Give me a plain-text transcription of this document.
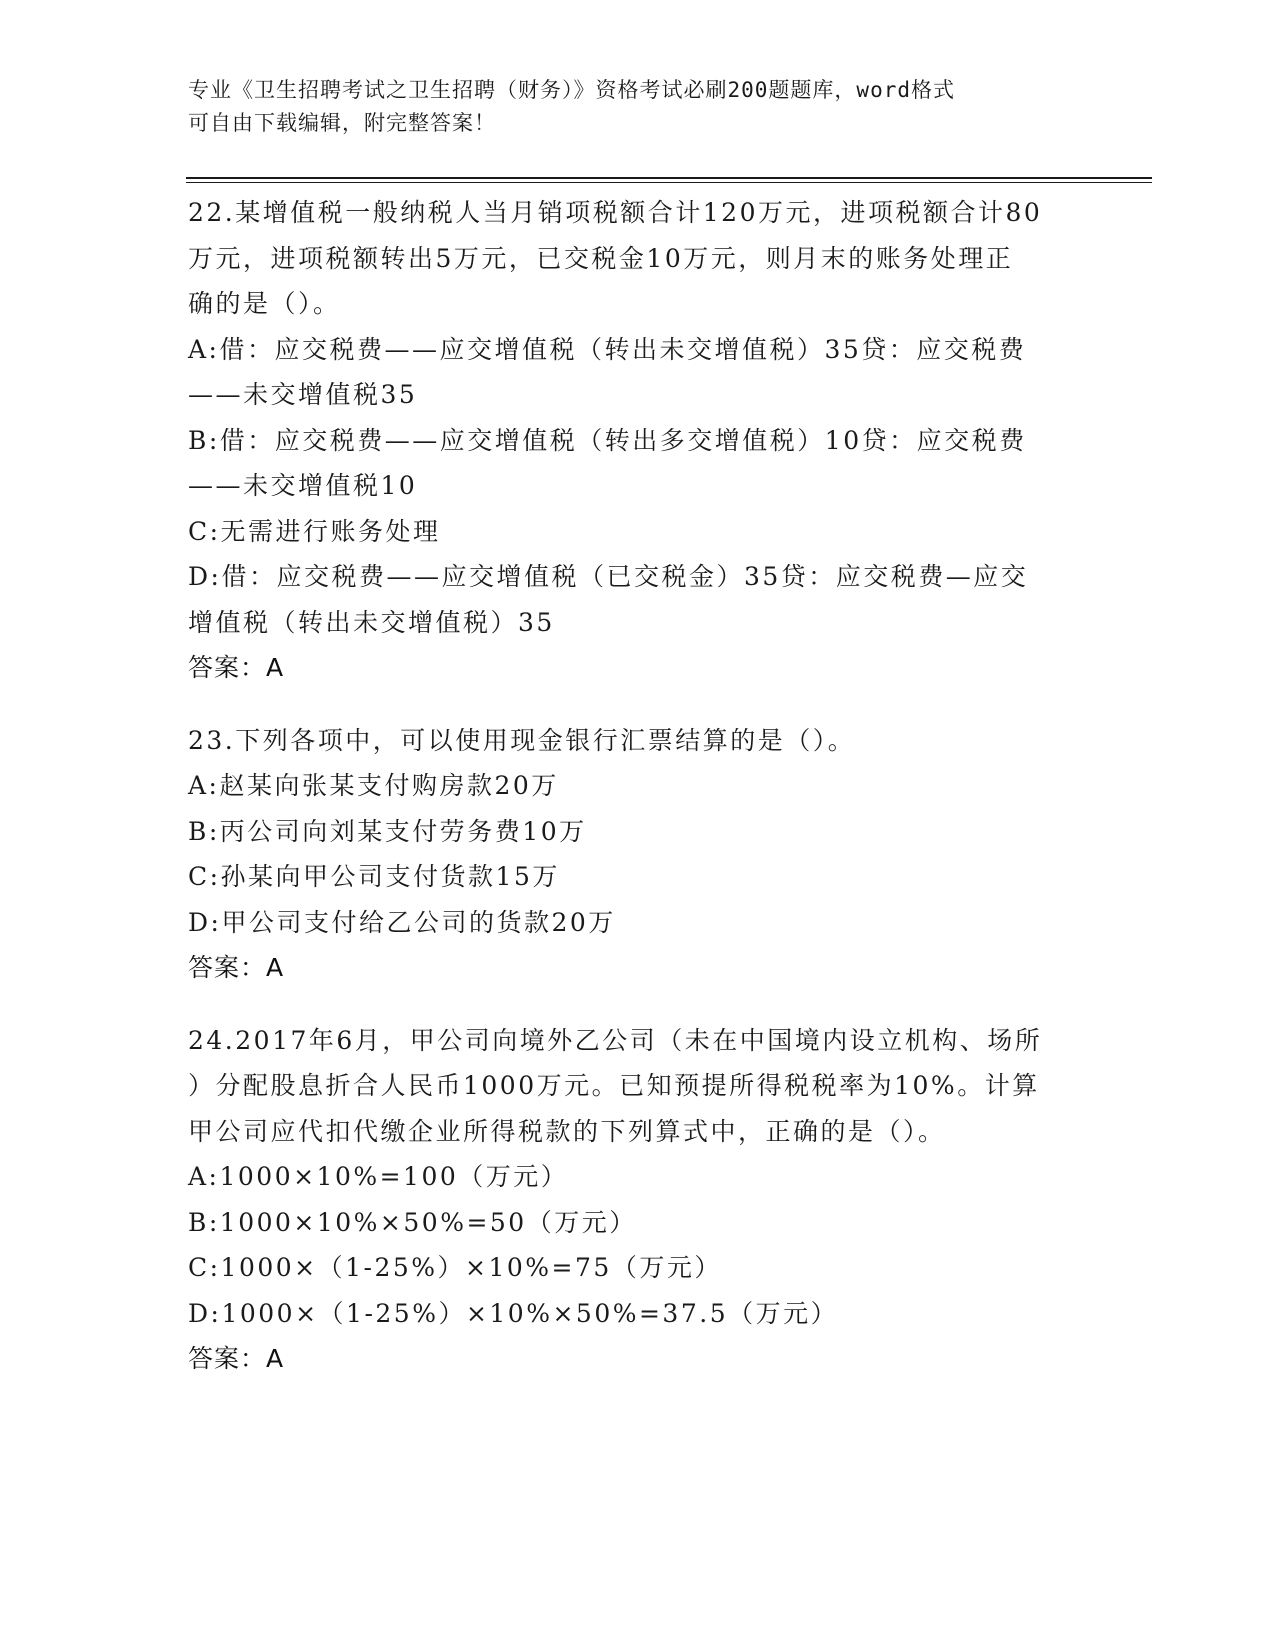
专业《卫生招聘考试之卫生招聘（财务）》资格考试必刷200题题库，word格式
可自由下载编辑，附完整答案！
22.某增值税一般纳税人当月销项税额合计120万元，进项税额合计80
万元，进项税额转出5万元，已交税金10万元，则月末的账务处理正
确的是（）。
A:借：应交税费——应交增值税（转出未交增值税）35贷：应交税费
——未交增值税35
B:借：应交税费——应交增值税（转出多交增值税）10贷：应交税费
——未交增值税10
C:无需进行账务处理
D:借：应交税费——应交增值税（已交税金）35贷：应交税费—应交
增值税（转出未交增值税）35
答案：A
23.下列各项中，可以使用现金银行汇票结算的是（）。
A:赵某向张某支付购房款20万
B:丙公司向刘某支付劳务费10万
C:孙某向甲公司支付货款15万
D:甲公司支付给乙公司的货款20万
答案：A
24.2017年6月，甲公司向境外乙公司（未在中国境内设立机构、场所
）分配股息折合人民币1000万元。已知预提所得税税率为10%。计算
甲公司应代扣代缴企业所得税款的下列算式中，正确的是（）。
A:1000×10%=100（万元）
B:1000×10%×50%=50（万元）
C:1000×（1-25%）×10%=75（万元）
D:1000×（1-25%）×10%×50%=37.5（万元）
答案：A
